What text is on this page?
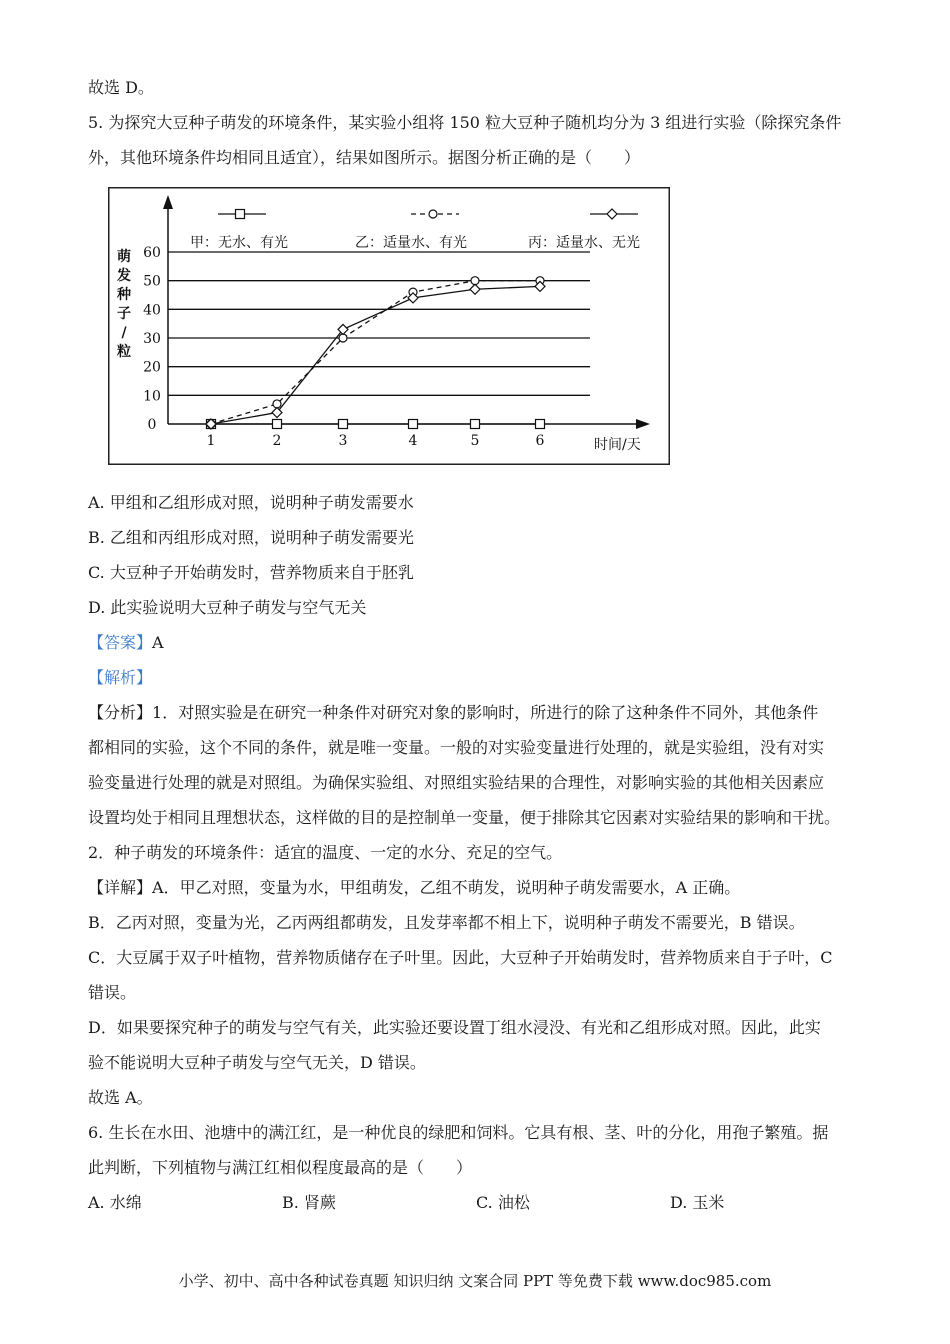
故选 D。
5. 为探究大豆种子萌发的环境条件，某实验小组将 150 粒大豆种子随机均分为 3 组进行实验（除探究条件
外，其他环境条件均相同且适宜），结果如图所示。据图分析正确的是（　　）
0
10
20
30
40
50
60
1	2	3	4	5	6	时间/天
萌
发
种
子
/
粒
甲：无水、有光	乙：适量水、有光	丙：适量水、无光
A. 甲组和乙组形成对照，说明种子萌发需要水
B. 乙组和丙组形成对照，说明种子萌发需要光
C. 大豆种子开始萌发时，营养物质来自于胚乳
D. 此实验说明大豆种子萌发与空气无关
【答案】A
【解析】
【分析】1．对照实验是在研究一种条件对研究对象的影响时，所进行的除了这种条件不同外，其他条件
都相同的实验，这个不同的条件，就是唯一变量。一般的对实验变量进行处理的，就是实验组，没有对实
验变量进行处理的就是对照组。为确保实验组、对照组实验结果的合理性，对影响实验的其他相关因素应
设置均处于相同且理想状态，这样做的目的是控制单一变量，便于排除其它因素对实验结果的影响和干扰。
2．种子萌发的环境条件：适宜的温度、一定的水分、充足的空气。
【详解】A．甲乙对照，变量为水，甲组萌发，乙组不萌发，说明种子萌发需要水，A 正确。
B．乙丙对照，变量为光，乙丙两组都萌发，且发芽率都不相上下，说明种子萌发不需要光，B 错误。
C．大豆属于双子叶植物，营养物质储存在子叶里。因此，大豆种子开始萌发时，营养物质来自于子叶，C
错误。
D．如果要探究种子的萌发与空气有关，此实验还要设置丁组水浸没、有光和乙组形成对照。因此，此实
验不能说明大豆种子萌发与空气无关，D 错误。
故选 A。
6. 生长在水田、池塘中的满江红，是一种优良的绿肥和饲料。它具有根、茎、叶的分化，用孢子繁殖。据
此判断，下列植物与满江红相似程度最高的是（　　）
A. 水绵	B. 肾蕨	C. 油松	D. 玉米
小学、初中、高中各种试卷真题 知识归纳 文案合同 PPT 等免费下载 www.doc985.com
